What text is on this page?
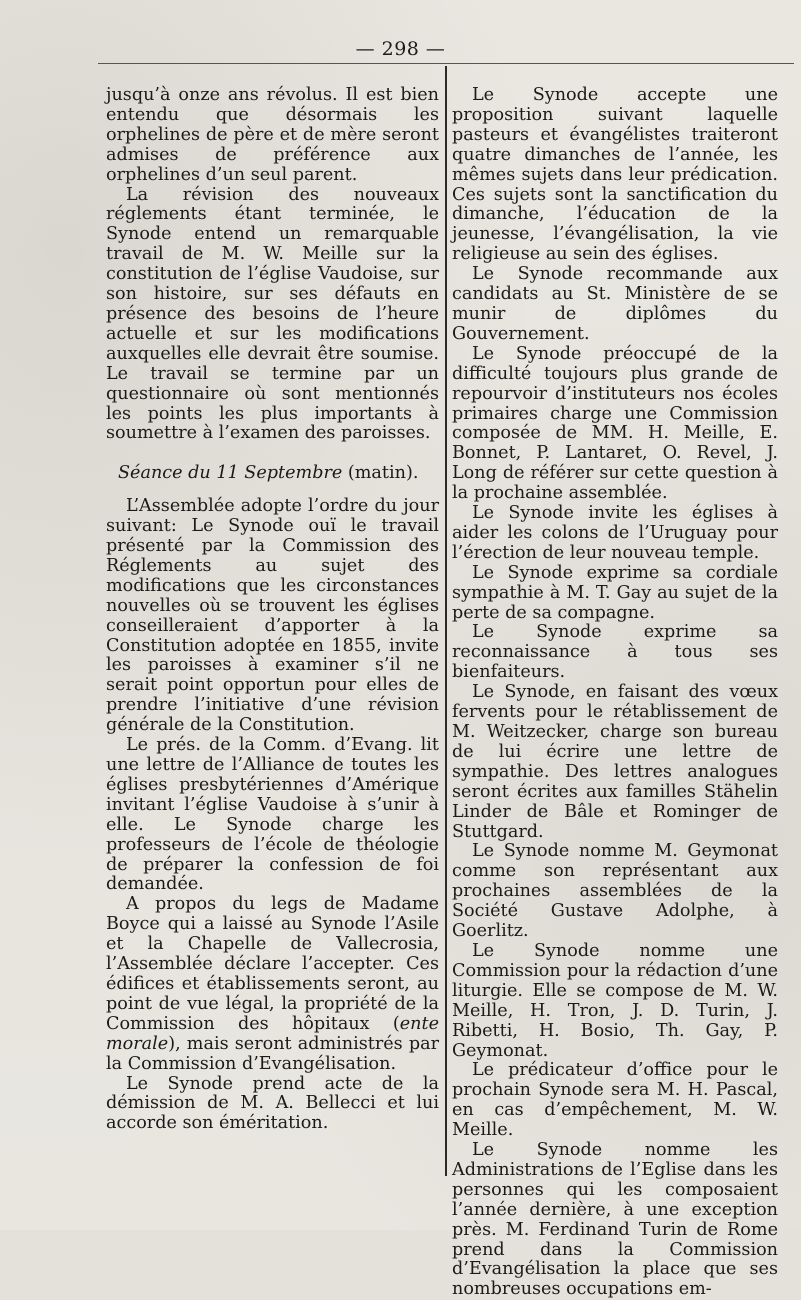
— 298 —

jusqu’à onze ans révolus. Il est bien entendu que désormais les orphelines de père et de mère seront admises de préférence aux orphelines d’un seul parent.

La révision des nouveaux réglements étant terminée, le Synode entend un remarquable travail de M. W. Meille sur la constitution de l’église Vaudoise, sur son histoire, sur ses défauts en présence des besoins de l’heure actuelle et sur les modifications auxquelles elle devrait être soumise. Le travail se termine par un questionnaire où sont mentionnés les points les plus importants à soumettre à l’examen des paroisses.

Séance du 11 Septembre (matin).

L’Assemblée adopte l’ordre du jour suivant: Le Synode ouï le travail présenté par la Commission des Réglements au sujet des modifications que les circonstances nouvelles où se trouvent les églises conseilleraient d’apporter à la Constitution adoptée en 1855, invite les paroisses à examiner s’il ne serait point opportun pour elles de prendre l’initiative d’une révision générale de la Constitution.

Le prés. de la Comm. d’Evang. lit une lettre de l’Alliance de toutes les églises presbytériennes d’Amérique invitant l’église Vaudoise à s’unir à elle. Le Synode charge les professeurs de l’école de théologie de préparer la confession de foi demandée.

A propos du legs de Madame Boyce qui a laissé au Synode l’Asile et la Chapelle de Vallecrosia, l’Assemblée déclare l’accepter. Ces édifices et établissements seront, au point de vue légal, la propriété de la Commission des hôpitaux (ente morale), mais seront administrés par la Commission d’Evangélisation.

Le Synode prend acte de la démission de M. A. Bellecci et lui accorde son éméritation.

Le Synode accepte une proposition suivant laquelle pasteurs et évangélistes traiteront quatre dimanches de l’année, les mêmes sujets dans leur prédication. Ces sujets sont la sanctification du dimanche, l’éducation de la jeunesse, l’évangélisation, la vie religieuse au sein des églises.

Le Synode recommande aux candidats au St. Ministère de se munir de diplômes du Gouvernement.

Le Synode préoccupé de la difficulté toujours plus grande de repourvoir d’instituteurs nos écoles primaires charge une Commission composée de MM. H. Meille, E. Bonnet, P. Lantaret, O. Revel, J. Long de référer sur cette question à la prochaine assemblée.

Le Synode invite les églises à aider les colons de l’Uruguay pour l’érection de leur nouveau temple.

Le Synode exprime sa cordiale sympathie à M. T. Gay au sujet de la perte de sa compagne.

Le Synode exprime sa reconnaissance à tous ses bienfaiteurs.

Le Synode, en faisant des vœux fervents pour le rétablissement de M. Weitzecker, charge son bureau de lui écrire une lettre de sympathie. Des lettres analogues seront écrites aux familles Stähelin Linder de Bâle et Rominger de Stuttgard.

Le Synode nomme M. Geymonat comme son représentant aux prochaines assemblées de la Société Gustave Adolphe, à Goerlitz.

Le Synode nomme une Commission pour la rédaction d’une liturgie. Elle se compose de M. W. Meille, H. Tron, J. D. Turin, J. Ribetti, H. Bosio, Th. Gay, P. Geymonat.

Le prédicateur d’office pour le prochain Synode sera M. H. Pascal, en cas d’empêchement, M. W. Meille.

Le Synode nomme les Administrations de l’Eglise dans les personnes qui les composaient l’année dernière, à une exception près. M. Ferdinand Turin de Rome prend dans la Commission d’Evangélisation la place que ses nombreuses occupations em-
